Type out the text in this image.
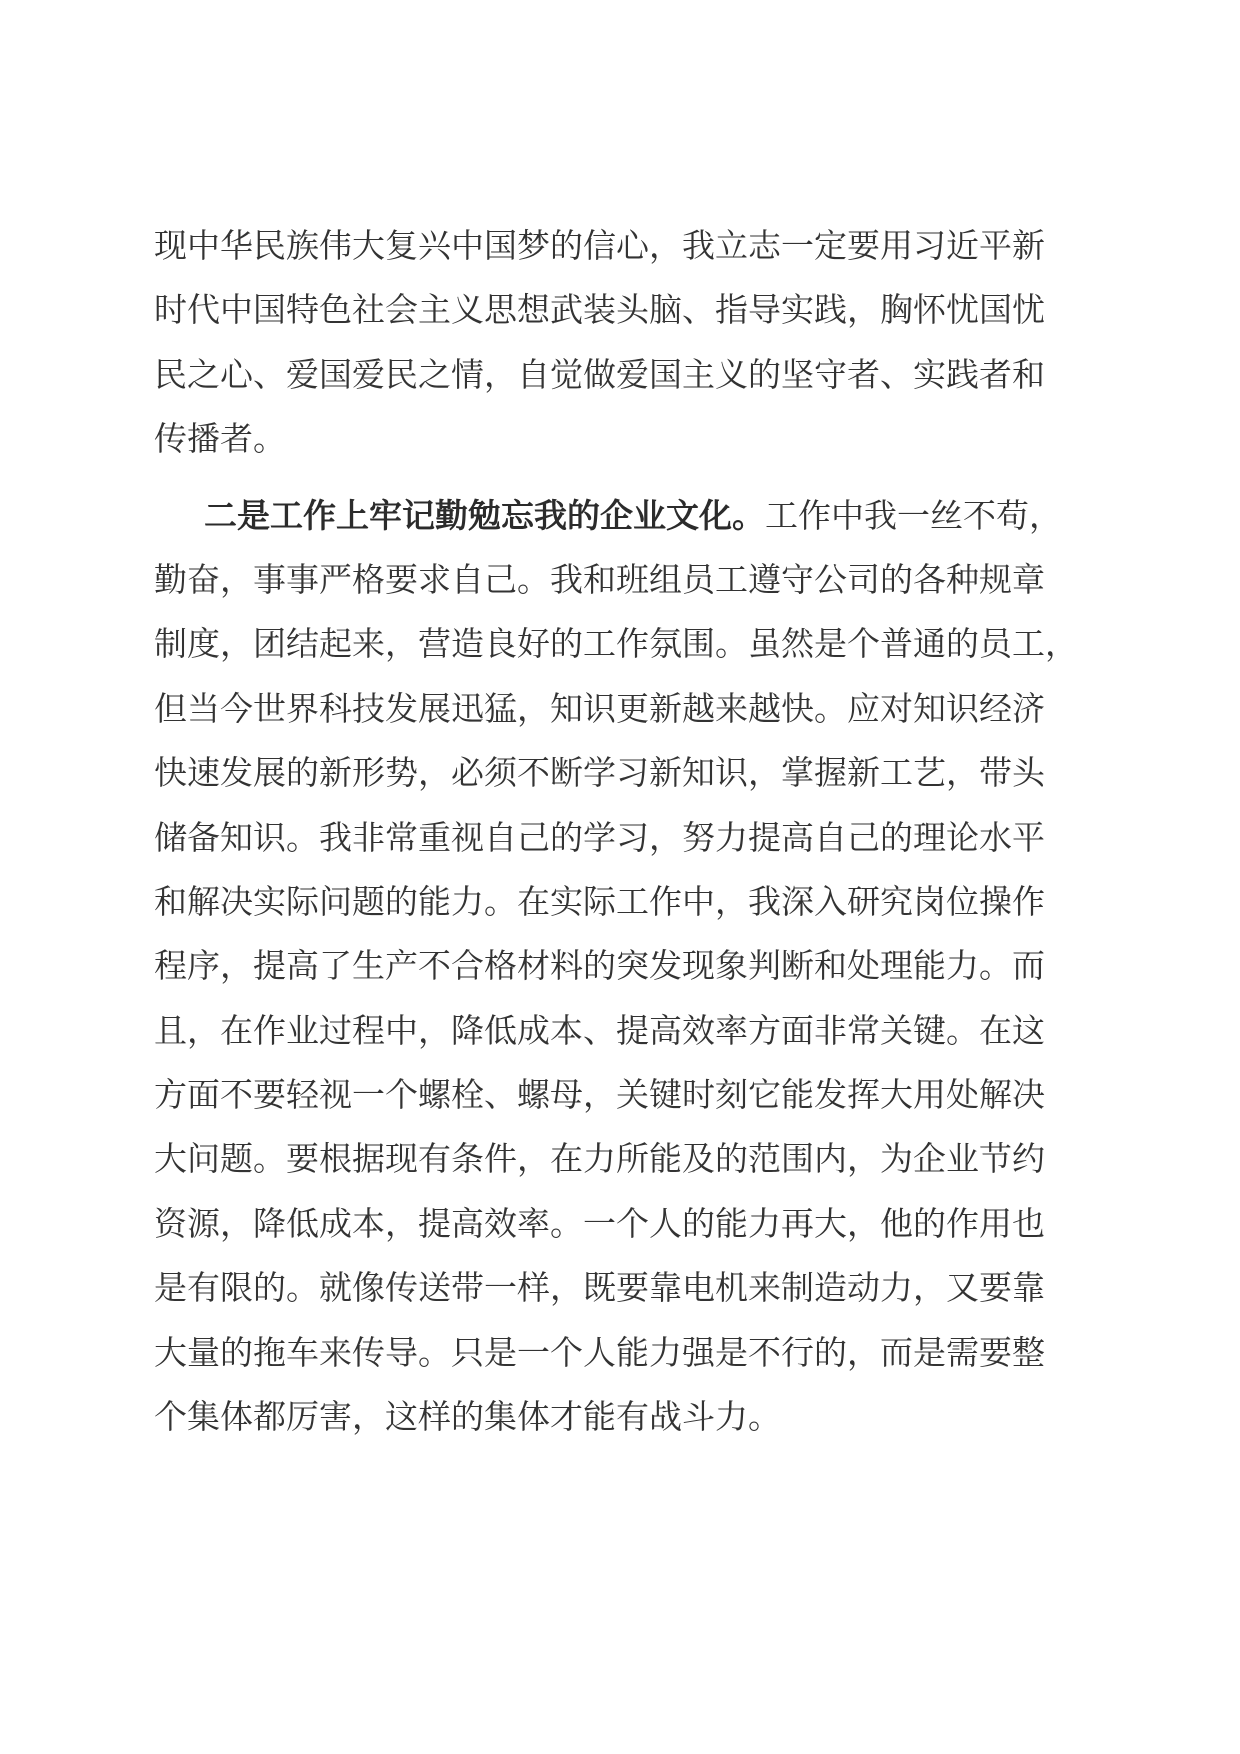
现中华民族伟大复兴中国梦的信心，我立志一定要用习近平新
时代中国特色社会主义思想武装头脑、指导实践，胸怀忧国忧
民之心、爱国爱民之情，自觉做爱国主义的坚守者、实践者和
传播者。
二是工作上牢记勤勉忘我的企业文化。工作中我一丝不苟，
勤奋，事事严格要求自己。我和班组员工遵守公司的各种规章
制度，团结起来，营造良好的工作氛围。虽然是个普通的员工，
但当今世界科技发展迅猛，知识更新越来越快。应对知识经济
快速发展的新形势，必须不断学习新知识，掌握新工艺，带头
储备知识。我非常重视自己的学习，努力提高自己的理论水平
和解决实际问题的能力。在实际工作中，我深入研究岗位操作
程序，提高了生产不合格材料的突发现象判断和处理能力。而
且，在作业过程中，降低成本、提高效率方面非常关键。在这
方面不要轻视一个螺栓、螺母，关键时刻它能发挥大用处解决
大问题。要根据现有条件，在力所能及的范围内，为企业节约
资源，降低成本，提高效率。一个人的能力再大，他的作用也
是有限的。就像传送带一样，既要靠电机来制造动力，又要靠
大量的拖车来传导。只是一个人能力强是不行的，而是需要整
个集体都厉害，这样的集体才能有战斗力。
